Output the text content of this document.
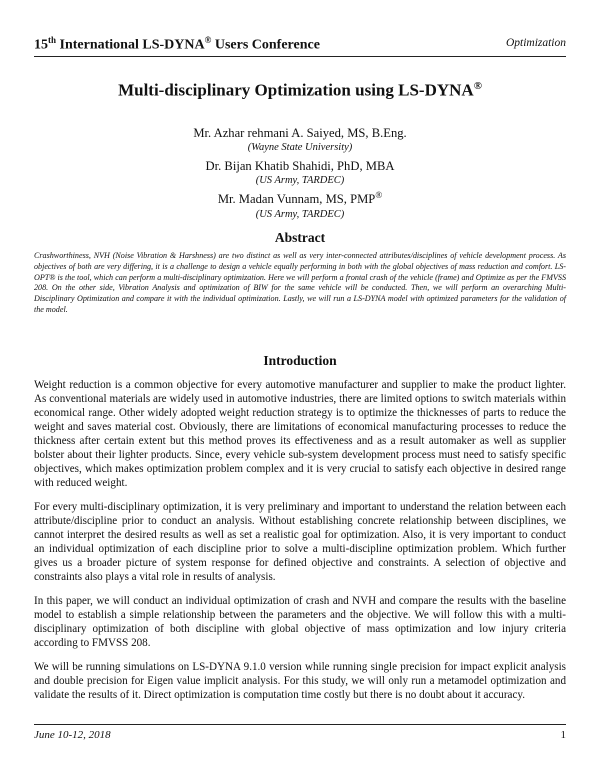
15th International LS-DYNA® Users Conference	Optimization
Multi-disciplinary Optimization using LS-DYNA®
Mr. Azhar rehmani A. Saiyed, MS, B.Eng.
(Wayne State University)
Dr. Bijan Khatib Shahidi, PhD, MBA
(US Army, TARDEC)
Mr. Madan Vunnam, MS, PMP®
(US Army, TARDEC)
Abstract
Crashworthiness, NVH (Noise Vibration & Harshness) are two distinct as well as very inter-connected attributes/disciplines of vehicle development process. As objectives of both are very differing, it is a challenge to design a vehicle equally performing in both with the global objectives of mass reduction and comfort. LS-OPT® is the tool, which can perform a multi-disciplinary optimization. Here we will perform a frontal crash of the vehicle (frame) and Optimize as per the FMVSS 208. On the other side, Vibration Analysis and optimization of BIW for the same vehicle will be conducted. Then, we will perform an overarching Multi-Disciplinary Optimization and compare it with the individual optimization. Lastly, we will run a LS-DYNA model with optimized parameters for the validation of the model.
Introduction

Weight reduction is a common objective for every automotive manufacturer and supplier to make the product lighter. As conventional materials are widely used in automotive industries, there are limited options to switch materials within economical range. Other widely adopted weight reduction strategy is to optimize the thicknesses of parts to reduce the weight and saves material cost. Obviously, there are limitations of economical manufacturing processes to reduce the thickness after certain extent but this method proves its effectiveness and as a result automaker as well as supplier bolster about their lighter products. Since, every vehicle sub-system development process must need to satisfy specific objectives, which makes optimization problem complex and it is very crucial to satisfy each objective in desired range with reduced weight.

For every multi-disciplinary optimization, it is very preliminary and important to understand the relation between each attribute/discipline prior to conduct an analysis. Without establishing concrete relationship between disciplines, we cannot interpret the desired results as well as set a realistic goal for optimization. Also, it is very important to conduct an individual optimization of each discipline prior to solve a multi-discipline optimization problem. Which further gives us a broader picture of system response for defined objective and constraints. A selection of objective and constraints also plays a vital role in results of analysis.

In this paper, we will conduct an individual optimization of crash and NVH and compare the results with the baseline model to establish a simple relationship between the parameters and the objective. We will follow this with a multi-disciplinary optimization of both discipline with global objective of mass optimization and low injury criteria according to FMVSS 208.

We will be running simulations on LS-DYNA 9.1.0 version while running single precision for impact explicit analysis and double precision for Eigen value implicit analysis. For this study, we will only run a metamodel optimization and validate the results of it. Direct optimization is computation time costly but there is no doubt about it accuracy.

June 10-12, 2018	1
